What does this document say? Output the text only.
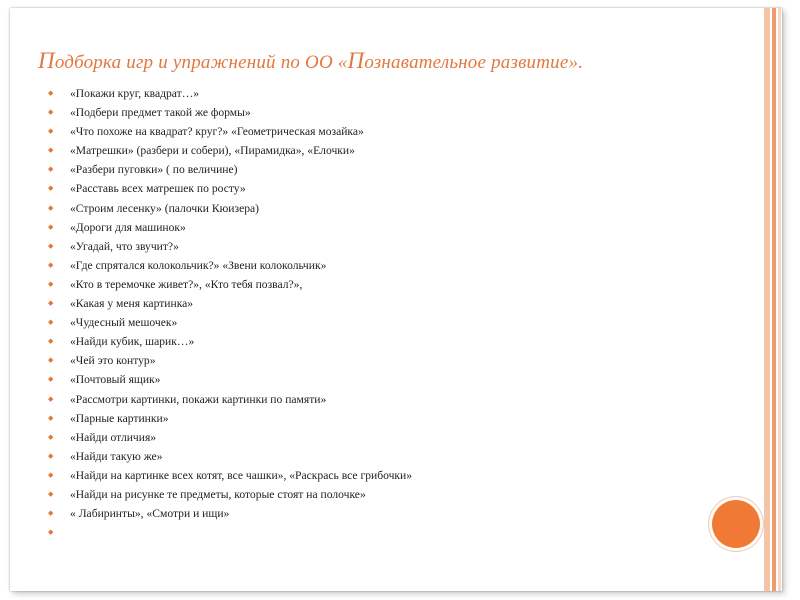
Подборка игр и упражнений по ОО «Познавательное развитие».
◆ «Покажи круг, квадрат…»
◆ «Подбери предмет такой же формы»
◆ «Что похоже на квадрат? круг?» «Геометрическая мозайка»
◆ «Матрешки» (разбери и собери), «Пирамидка», «Елочки»
◆ «Разбери пуговки» ( по величине)
◆ «Расставь всех матрешек по росту»
◆ «Строим лесенку» (палочки Кюизера)
◆ «Дороги для машинок»
◆ «Угадай, что звучит?»
◆ «Где спрятался колокольчик?» «Звени колокольчик»
◆ «Кто в теремочке живет?», «Кто тебя позвал?»,
◆ «Какая у меня картинка»
◆ «Чудесный мешочек»
◆ «Найди кубик, шарик…»
◆ «Чей это контур»
◆ «Почтовый ящик»
◆ «Рассмотри картинки, покажи картинки по памяти»
◆ «Парные картинки»
◆ «Найди отличия»
◆ «Найди такую же»
◆ «Найди на картинке всех котят, все чашки», «Раскрась все грибочки»
◆ «Найди на рисунке те предметы, которые стоят на полочке»
◆ « Лабиринты», «Смотри и ищи»
◆
